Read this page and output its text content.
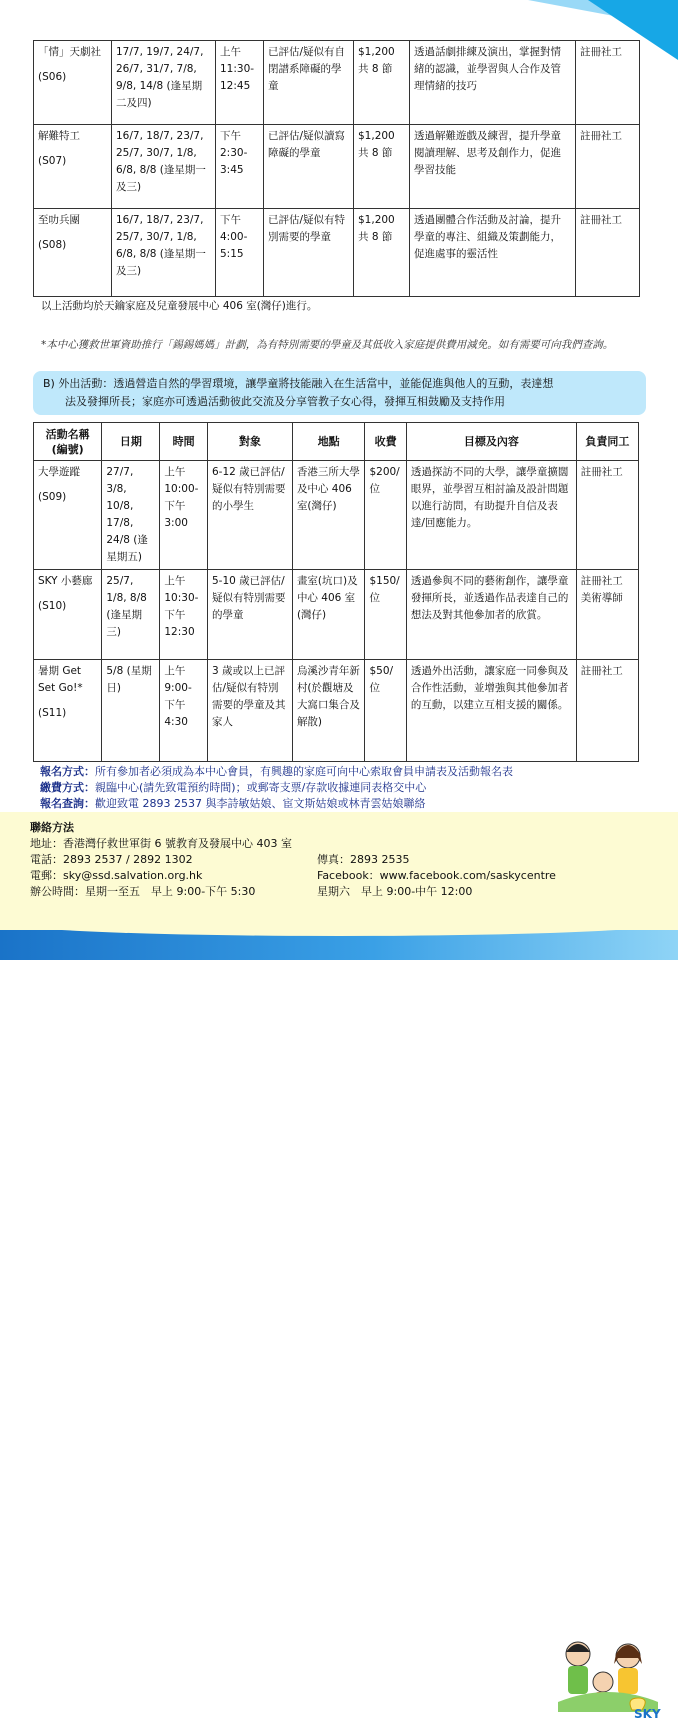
「情」天劇社
(S06)	17/7, 19/7, 24/7, 26/7, 31/7, 7/8, 9/8, 14/8 (逢星期二及四)	上午 11:30- 12:45	已評估/疑似有自閉譜系障礙的學童	$1,200 共 8 節	透過話劇排練及演出，掌握對情緒的認識，並學習與人合作及管理情緒的技巧	註冊社工
解難特工
(S07)	16/7, 18/7, 23/7, 25/7, 30/7, 1/8, 6/8, 8/8 (逢星期一及三)	下午 2:30- 3:45	已評估/疑似讀寫障礙的學童	$1,200 共 8 節	透過解難遊戲及練習，提升學童閱讀理解、思考及創作力，促進學習技能	註冊社工
至叻兵團
(S08)	16/7, 18/7, 23/7, 25/7, 30/7, 1/8, 6/8, 8/8 (逢星期一及三)	下午 4:00- 5:15	已評估/疑似有特別需要的學童	$1,200 共 8 節	透過團體合作活動及討論，提升學童的專注、組織及策劃能力，促進處事的靈活性	註冊社工
以上活動均於天鑰家庭及兒童發展中心 406 室(灣仔)進行。
*本中心獲救世軍資助推行「錫錫媽媽」計劃，為有特別需要的學童及其低收入家庭提供費用減免。如有需要可向我們查詢。
B) 外出活動：透過營造自然的學習環境，讓學童將技能融入在生活當中，並能促進與他人的互動，表達想
法及發揮所長；家庭亦可透過活動彼此交流及分享管教子女心得，發揮互相鼓勵及支持作用
活動名稱 (編號)	日期	時間	對象	地點	收費	目標及內容	負責同工
大學遊蹤
(S09)	27/7, 3/8, 10/8, 17/8, 24/8 (逢星期五)	上午 10:00- 下午 3:00	6-12 歲已評估/疑似有特別需要的小學生	香港三所大學及中心 406 室(灣仔)	$200/位	透過探訪不同的大學，讓學童擴闊眼界，並學習互相討論及設計問題以進行訪問，有助提升自信及表達/回應能力。	註冊社工

SKY 小藝廊
(S10)	25/7, 1/8, 8/8 (逢星期三)	上午 10:30- 下午 12:30	5-10 歲已評估/疑似有特別需要的學童	畫室(坑口)及中心 406 室(灣仔)	$150/位	透過參與不同的藝術創作，讓學童發揮所長，並透過作品表達自己的想法及對其他參加者的欣賞。	註冊社工
美術導師

暑期 Get Set Go!*
(S11)	5/8 (星期日)	上午 9:00- 下午 4:30	3 歲或以上已評估/疑似有特別需要的學童及其家人	烏溪沙青年新村(於觀塘及大窩口集合及解散)	$50/位	透過外出活動，讓家庭一同參與及合作性活動，並增強與其他參加者的互動，以建立互相支援的關係。	註冊社工
報名方式：所有參加者必須成為本中心會員，有興趣的家庭可向中心索取會員申請表及活動報名表
繳費方式：親臨中心(請先致電預約時間)；或郵寄支票/存款收據連同表格交中心
報名查詢：歡迎致電 2893 2537 與李詩敏姑娘、宦文斯姑娘或林青雲姑娘聯絡
聯絡方法
地址：香港灣仔救世軍街 6 號教育及發展中心 403 室
電話：2893 2537 / 2892 1302	傳真：2893 2535
電郵：sky@ssd.salvation.org.hk	Facebook：www.facebook.com/saskycentre
辦公時間：星期一至五　早上 9:00-下午 5:30	星期六　早上 9:00-中午 12:00
SKY
